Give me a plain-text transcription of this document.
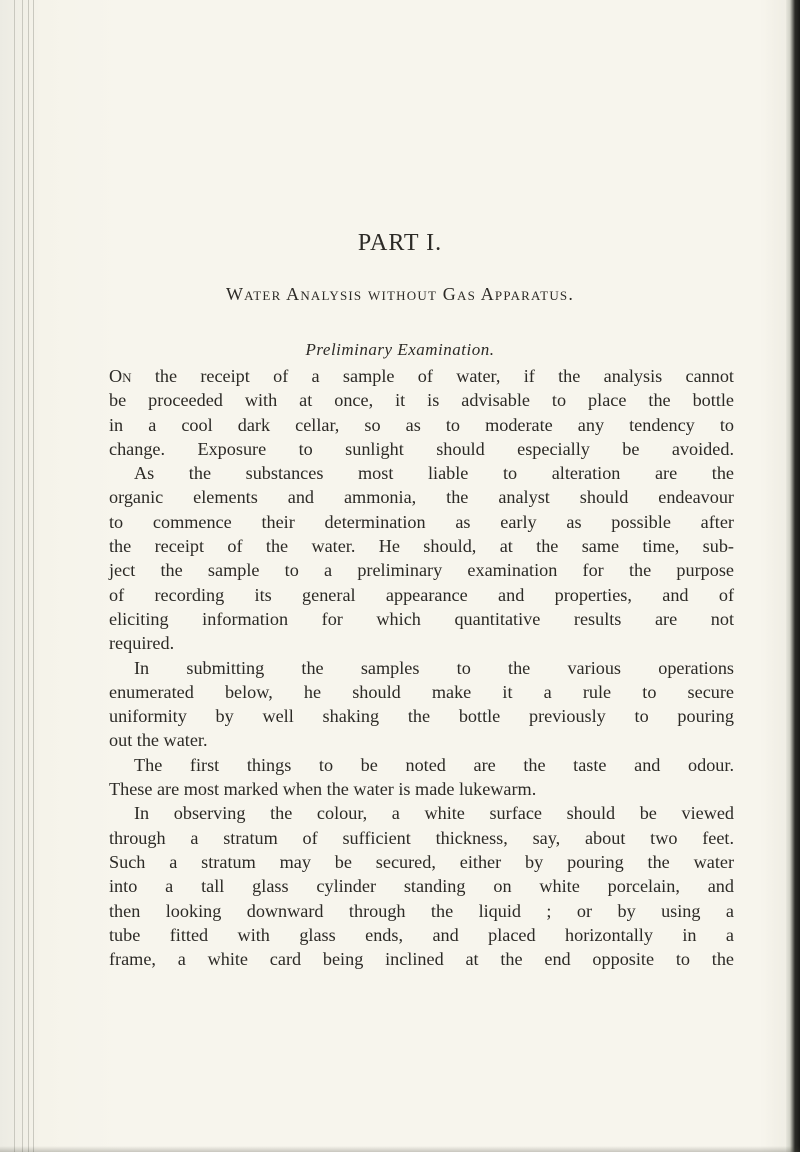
PART I.
Water Analysis without Gas Apparatus.
Preliminary Examination.
On the receipt of a sample of water, if the analysis cannot
be proceeded with at once, it is advisable to place the bottle
in a cool dark cellar, so as to moderate any tendency to
change. Exposure to sunlight should especially be avoided.
As the substances most liable to alteration are the
organic elements and ammonia, the analyst should endeavour
to commence their determination as early as possible after
the receipt of the water. He should, at the same time, sub-
ject the sample to a preliminary examination for the purpose
of recording its general appearance and properties, and of
eliciting information for which quantitative results are not
required.
In submitting the samples to the various operations
enumerated below, he should make it a rule to secure
uniformity by well shaking the bottle previously to pouring
out the water.
The first things to be noted are the taste and odour.
These are most marked when the water is made lukewarm.
In observing the colour, a white surface should be viewed
through a stratum of sufficient thickness, say, about two feet.
Such a stratum may be secured, either by pouring the water
into a tall glass cylinder standing on white porcelain, and
then looking downward through the liquid ; or by using a
tube fitted with glass ends, and placed horizontally in a
frame, a white card being inclined at the end opposite to the
